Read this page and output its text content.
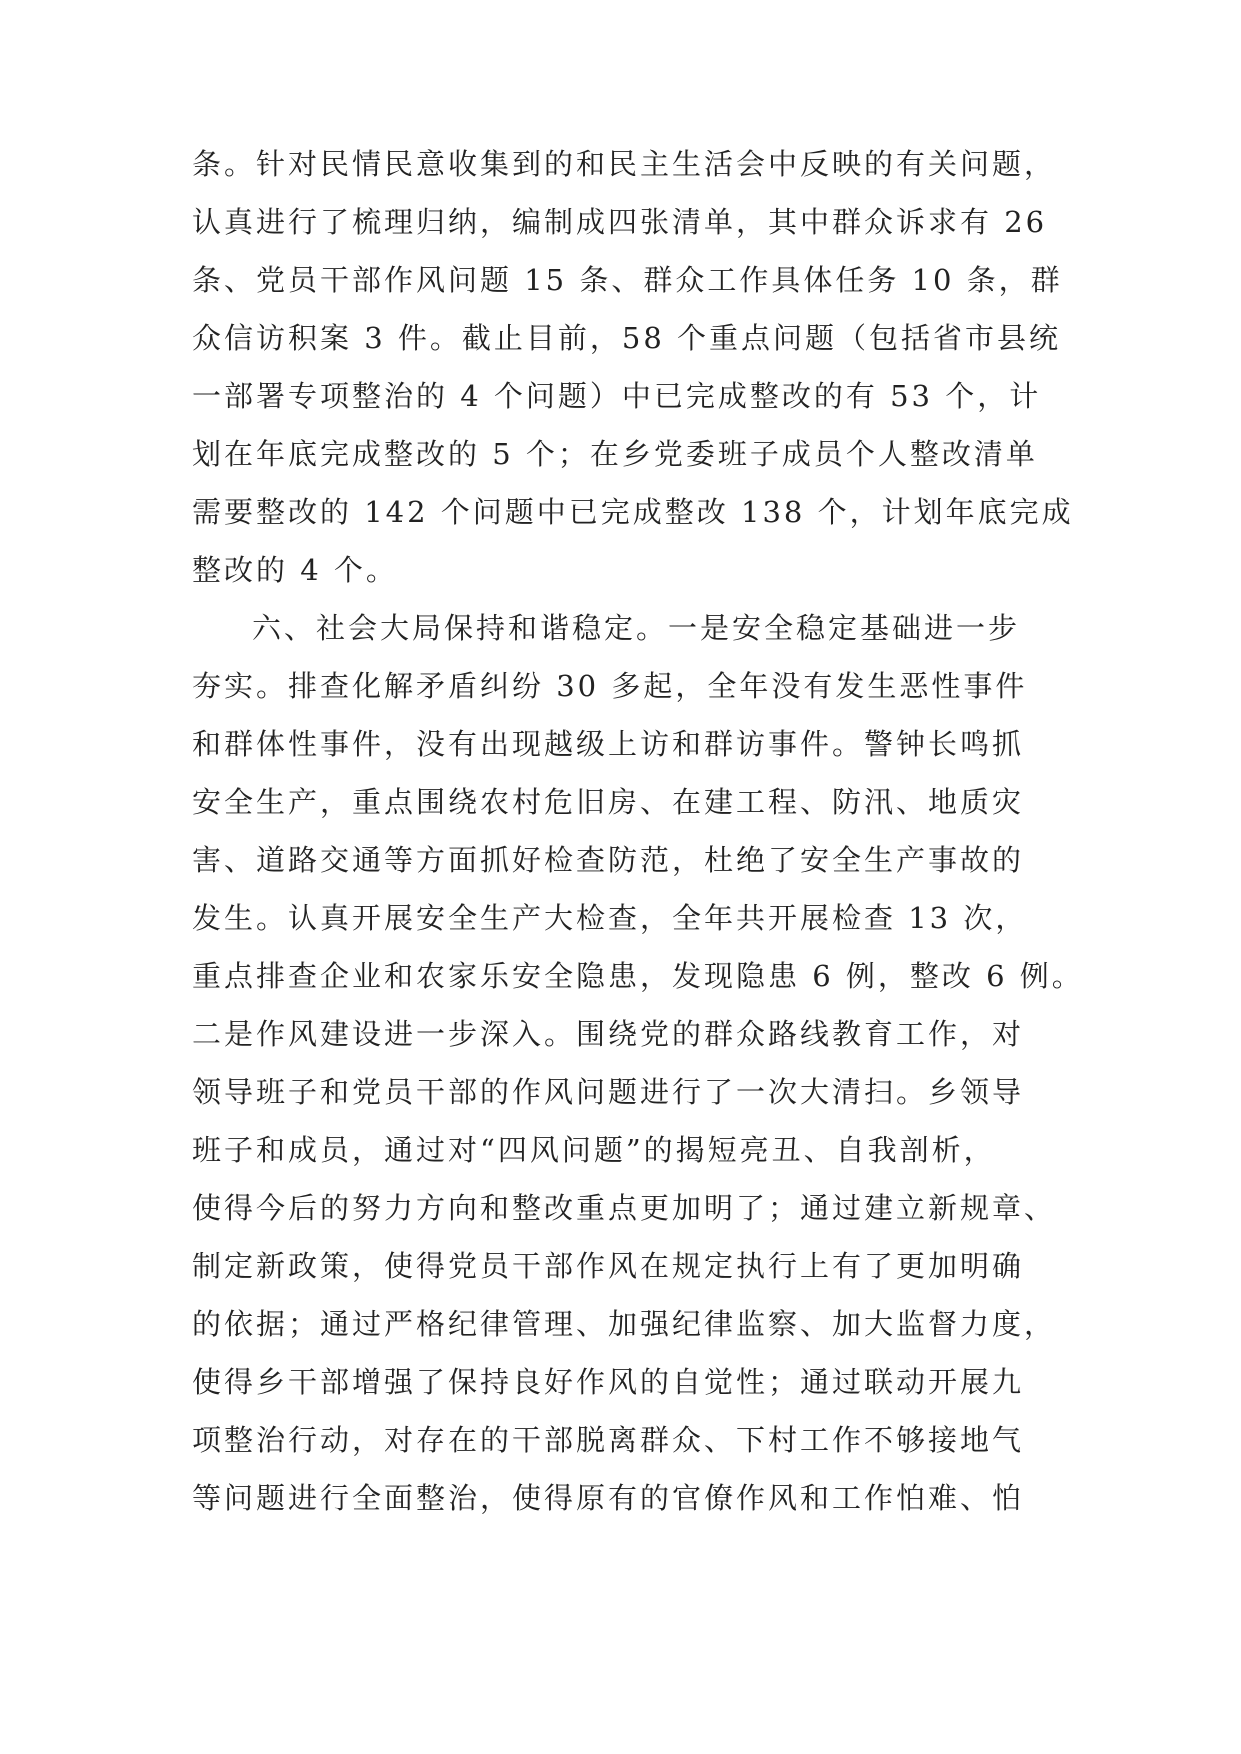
条。针对民情民意收集到的和民主生活会中反映的有关问题，
认真进行了梳理归纳，编制成四张清单，其中群众诉求有 26
条、党员干部作风问题 15 条、群众工作具体任务 10 条，群
众信访积案 3 件。截止目前，58 个重点问题（包括省市县统
一部署专项整治的 4 个问题）中已完成整改的有 53 个，计
划在年底完成整改的 5 个；在乡党委班子成员个人整改清单
需要整改的 142 个问题中已完成整改 138 个，计划年底完成
整改的 4 个。
六、社会大局保持和谐稳定。一是安全稳定基础进一步
夯实。排查化解矛盾纠纷 30 多起，全年没有发生恶性事件
和群体性事件，没有出现越级上访和群访事件。警钟长鸣抓
安全生产，重点围绕农村危旧房、在建工程、防汛、地质灾
害、道路交通等方面抓好检查防范，杜绝了安全生产事故的
发生。认真开展安全生产大检查，全年共开展检查 13 次，
重点排查企业和农家乐安全隐患，发现隐患 6 例，整改 6 例。
二是作风建设进一步深入。围绕党的群众路线教育工作，对
领导班子和党员干部的作风问题进行了一次大清扫。乡领导
班子和成员，通过对“四风问题”的揭短亮丑、自我剖析，
使得今后的努力方向和整改重点更加明了；通过建立新规章、
制定新政策，使得党员干部作风在规定执行上有了更加明确
的依据；通过严格纪律管理、加强纪律监察、加大监督力度，
使得乡干部增强了保持良好作风的自觉性；通过联动开展九
项整治行动，对存在的干部脱离群众、下村工作不够接地气
等问题进行全面整治，使得原有的官僚作风和工作怕难、怕
